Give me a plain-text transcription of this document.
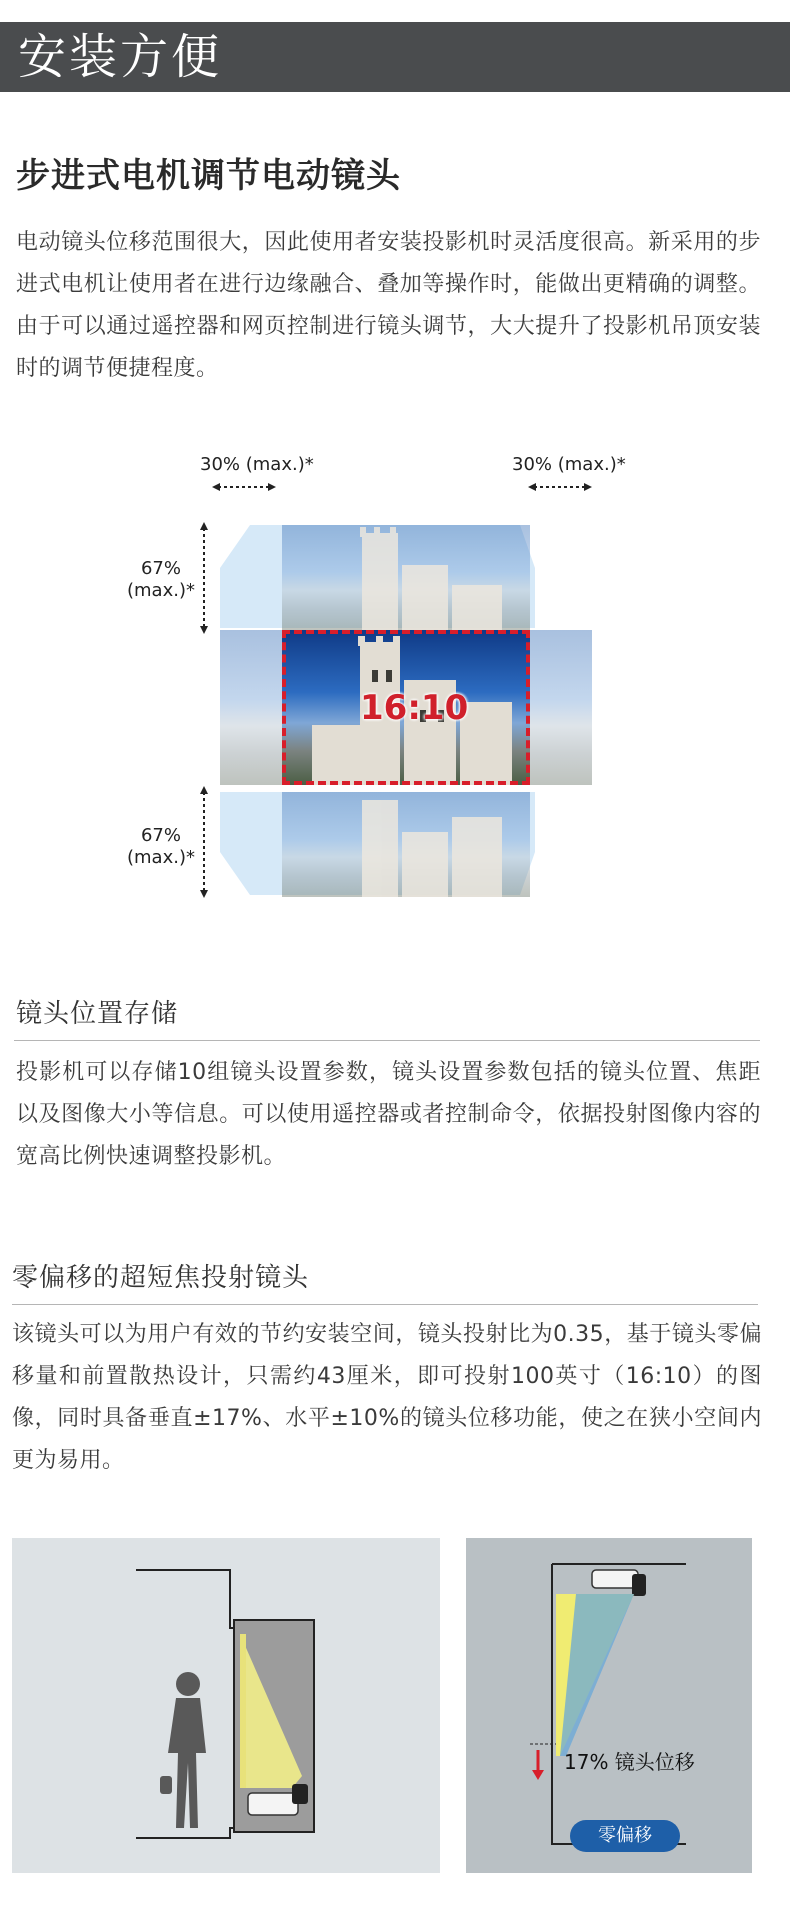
安装方便
步进式电机调节电动镜头
电动镜头位移范围很大，因此使用者安装投影机时灵活度很高。新采用的步进式电机让使用者在进行边缘融合、叠加等操作时，能做出更精确的调整。由于可以通过遥控器和网页控制进行镜头调节，大大提升了投影机吊顶安装时的调节便捷程度。
30% (max.)*	30% (max.)*
67%
(max.)*
67%
(max.)*
16:10
镜头位置存储
投影机可以存储10组镜头设置参数，镜头设置参数包括的镜头位置、焦距以及图像大小等信息。可以使用遥控器或者控制命令，依据投射图像内容的宽高比例快速调整投影机。
零偏移的超短焦投射镜头
该镜头可以为用户有效的节约安装空间，镜头投射比为0.35，基于镜头零偏移量和前置散热设计，只需约43厘米，即可投射100英寸（16:10）的图像，同时具备垂直±17%、水平±10%的镜头位移功能，使之在狭小空间内更为易用。
17% 镜头位移
零偏移
